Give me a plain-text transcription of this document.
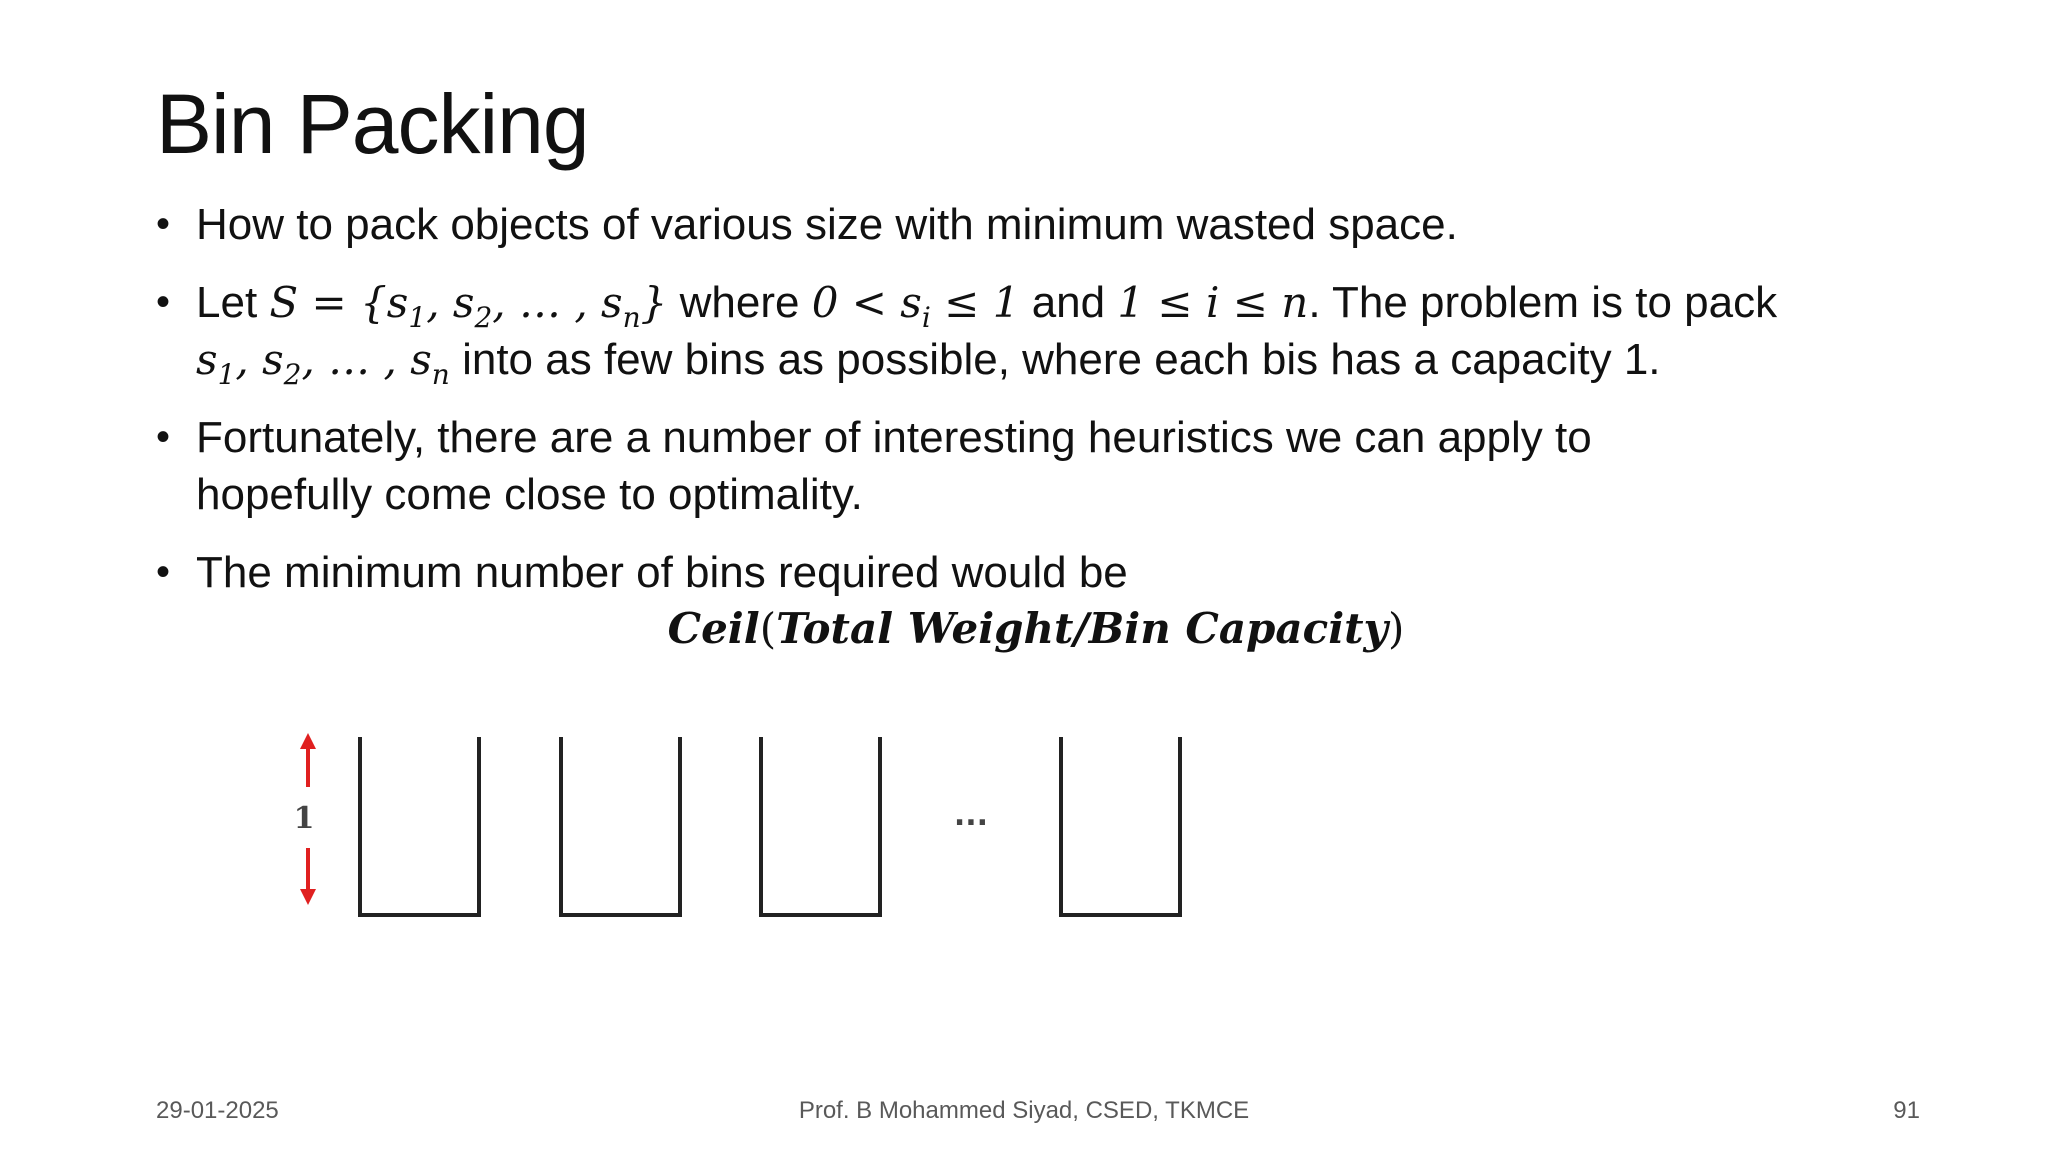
Bin Packing
• How to pack objects of various size with minimum wasted space.
• Let $S = \{s_1$, $s_2$, … , $s_n$} where $0 < s_i \le 1$ and 1 ≤ i ≤ n. The problem is to pack
$s_1$, $s_2$, … , $s_n$ into as few bins as possible, where each bis has a capacity 1.
• Fortunately, there are a number of interesting heuristics we can apply to
hopefully come close to optimality.
• The minimum number of bins required would be
Ceil(Total Weight/Bin Capacity)
1	...
29-01-2025	Prof. B Mohammed Siyad, CSED, TKMCE	91
